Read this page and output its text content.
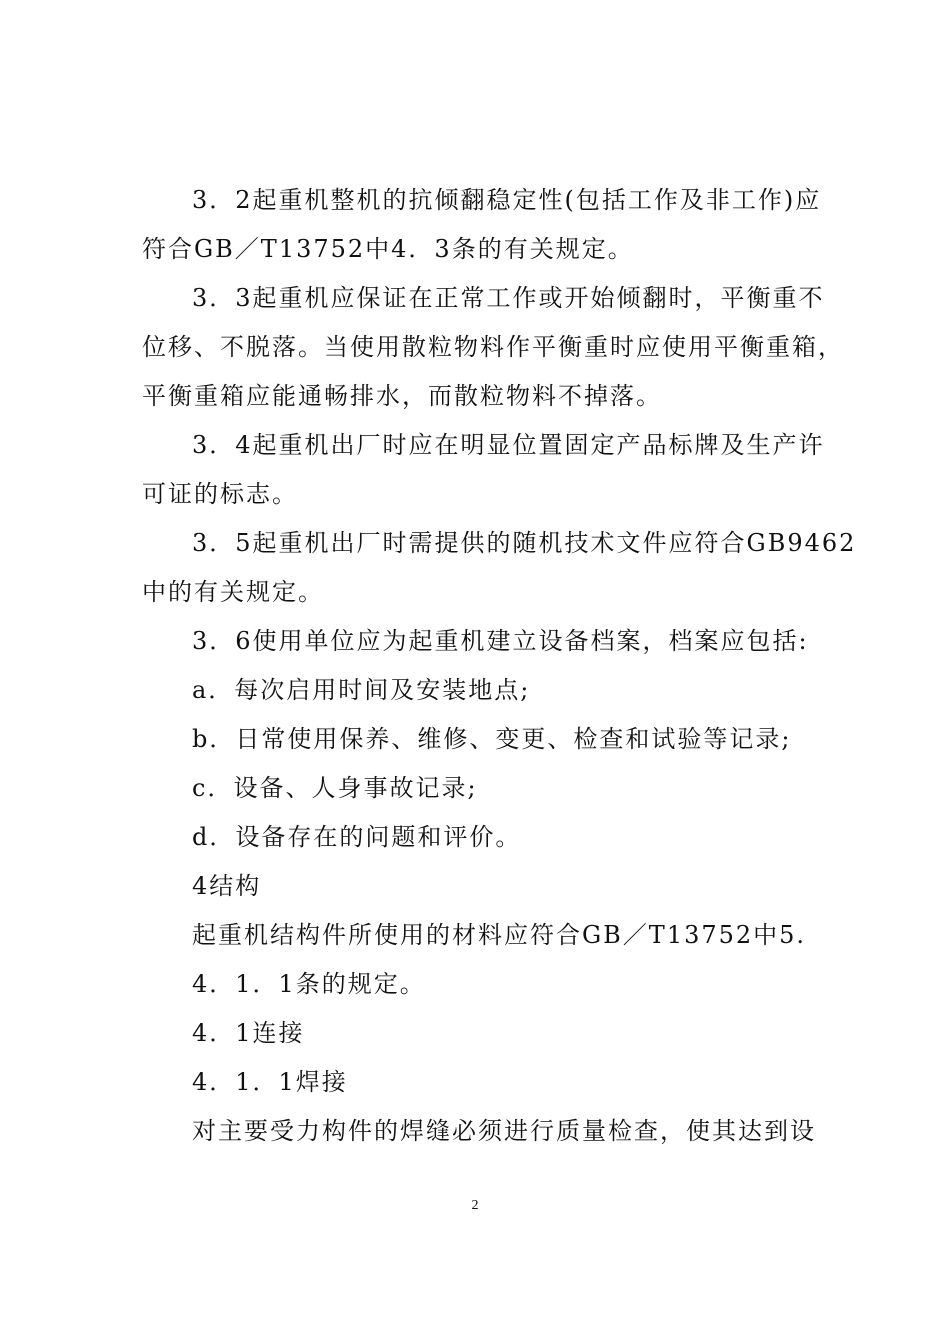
3．2起重机整机的抗倾翻稳定性(包括工作及非工作)应
符合GB／T13752中4．3条的有关规定。
3．3起重机应保证在正常工作或开始倾翻时，平衡重不
位移、不脱落。当使用散粒物料作平衡重时应使用平衡重箱，
平衡重箱应能通畅排水，而散粒物料不掉落。
3．4起重机出厂时应在明显位置固定产品标牌及生产许
可证的标志。
3．5起重机出厂时需提供的随机技术文件应符合GB9462
中的有关规定。
3．6使用单位应为起重机建立设备档案，档案应包括:
a．每次启用时间及安装地点;
b．日常使用保养、维修、变更、检查和试验等记录;
c．设备、人身事故记录;
d．设备存在的问题和评价。
4结构
起重机结构件所使用的材料应符合GB／T13752中5.
4．1．1条的规定。
4．1连接
4．1．1焊接
对主要受力构件的焊缝必须进行质量检查，使其达到设
2
